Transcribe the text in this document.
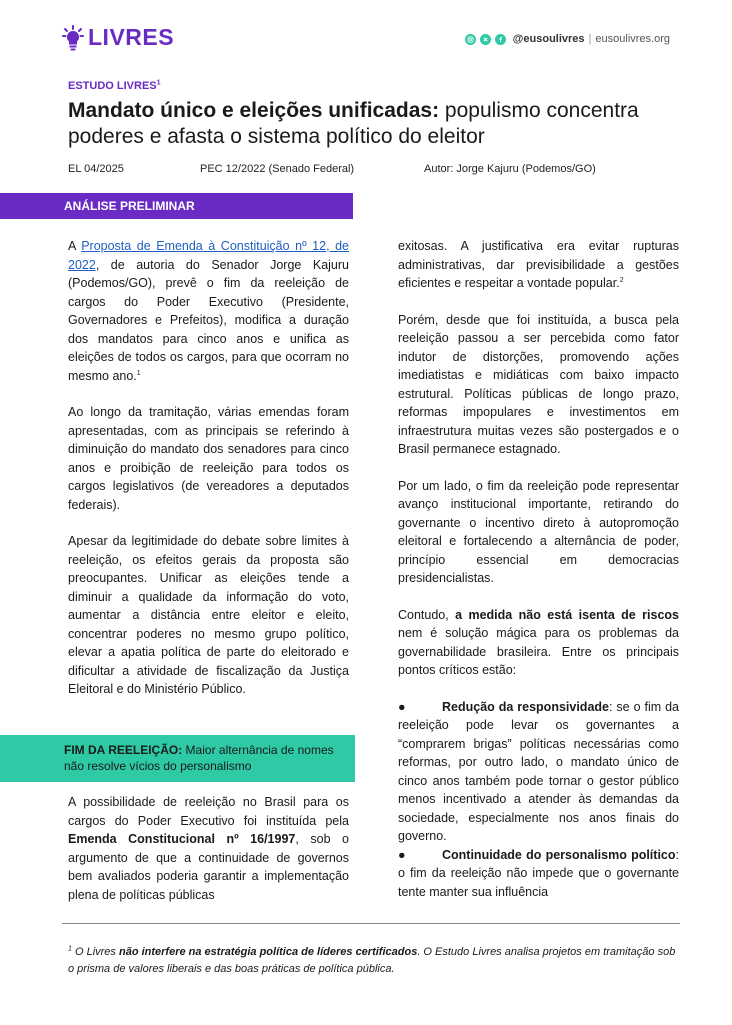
LIVRES	@eusoulivres | eusoulivres.org
ESTUDO LIVRES$^1$
Mandato único e eleições unificadas: populismo concentra poderes e afasta o sistema político do eleitor
EL 04/2025	PEC 12/2022 (Senado Federal)	Autor: Jorge Kajuru (Podemos/GO)
ANÁLISE PRELIMINAR

A Proposta de Emenda à Constituição nº 12, de 2022, de autoria do Senador Jorge Kajuru (Podemos/GO), prevê o fim da reeleição de cargos do Poder Executivo (Presidente, Governadores e Prefeitos), modifica a duração dos mandatos para cinco anos e unifica as eleições de todos os cargos, para que ocorram no mesmo ano.$^1$

Ao longo da tramitação, várias emendas foram apresentadas, com as principais se referindo à diminuição do mandato dos senadores para cinco anos e proibição de reeleição para todos os cargos legislativos (de vereadores a deputados federais).

Apesar da legitimidade do debate sobre limites à reeleição, os efeitos gerais da proposta são preocupantes. Unificar as eleições tende a diminuir a qualidade da informação do voto, aumentar a distância entre eleitor e eleito, concentrar poderes no mesmo grupo político, elevar a apatia política de parte do eleitorado e dificultar a atividade de fiscalização da Justiça Eleitoral e do Ministério Público.

FIM DA REELEIÇÃO: Maior alternância de nomes não resolve vícios do personalismo

A possibilidade de reeleição no Brasil para os cargos do Poder Executivo foi instituída pela Emenda Constitucional nº 16/1997, sob o argumento de que a continuidade de governos bem avaliados poderia garantir a implementação plena de políticas públicas

exitosas. A justificativa era evitar rupturas administrativas, dar previsibilidade a gestões eficientes e respeitar a vontade popular.$^2$

Porém, desde que foi instituída, a busca pela reeleição passou a ser percebida como fator indutor de distorções, promovendo ações imediatistas e midiáticas com baixo impacto estrutural. Políticas públicas de longo prazo, reformas impopulares e investimentos em infraestrutura muitas vezes são postergados e o Brasil permanece estagnado.

Por um lado, o fim da reeleição pode representar avanço institucional importante, retirando do governante o incentivo direto à autopromoção eleitoral e fortalecendo a alternância de poder, princípio essencial em democracias presidencialistas.

Contudo, a medida não está isenta de riscos nem é solução mágica para os problemas da governabilidade brasileira. Entre os principais pontos críticos estão:

●	Redução da responsividade: se o fim da reeleição pode levar os governantes a “comprarem brigas” políticas necessárias como reformas, por outro lado, o mandato único de cinco anos também pode tornar o gestor público menos incentivado a atender às demandas da sociedade, especialmente nos anos finais do governo.

●	Continuidade do personalismo político: o fim da reeleição não impede que o governante tente manter sua influência

$^1$ O Livres não interfere na estratégia política de líderes certificados. O Estudo Livres analisa projetos em tramitação sob o prisma de valores liberais e das boas práticas de política pública.
